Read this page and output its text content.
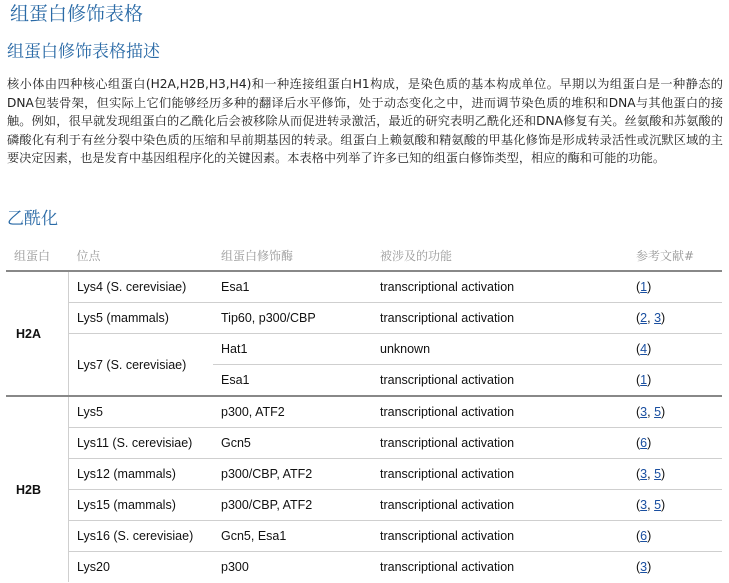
组蛋白修饰表格
组蛋白修饰表格描述

核小体由四种核心组蛋白(H2A,H2B,H3,H4)和一种连接组蛋白H1构成，是染色质的基本构成单位。早期以为组蛋白是一种静态的DNA包装骨架，但实际上它们能够经历多种的翻译后水平修饰，处于动态变化之中，进而调节染色质的堆积和DNA与其他蛋白的接触。例如，很早就发现组蛋白的乙酰化后会被移除从而促进转录激活，最近的研究表明乙酰化还和DNA修复有关。丝氨酸和苏氨酸的磷酸化有利于有丝分裂中染色质的压缩和早前期基因的转录。组蛋白上赖氨酸和精氨酸的甲基化修饰是形成转录活性或沉默区域的主要决定因素，也是发育中基因组程序化的关键因素。本表格中列举了许多已知的组蛋白修饰类型，相应的酶和可能的功能。

乙酰化
组蛋白	位点	组蛋白修饰酶	被涉及的功能	参考文献#
H2A	Lys4 (S. cerevisiae)	Esa1	transcriptional activation	(1)
	Lys5 (mammals)	Tip60, p300/CBP	transcriptional activation	(2, 3)
	Lys7 (S. cerevisiae)	Hat1	unknown	(4)
		Esa1	transcriptional activation	(1)
H2B	Lys5	p300, ATF2	transcriptional activation	(3, 5)
	Lys11 (S. cerevisiae)	Gcn5	transcriptional activation	(6)
	Lys12 (mammals)	p300/CBP, ATF2	transcriptional activation	(3, 5)
	Lys15 (mammals)	p300/CBP, ATF2	transcriptional activation	(3, 5)
	Lys16 (S. cerevisiae)	Gcn5, Esa1	transcriptional activation	(6)
	Lys20	p300	transcriptional activation	(3)
